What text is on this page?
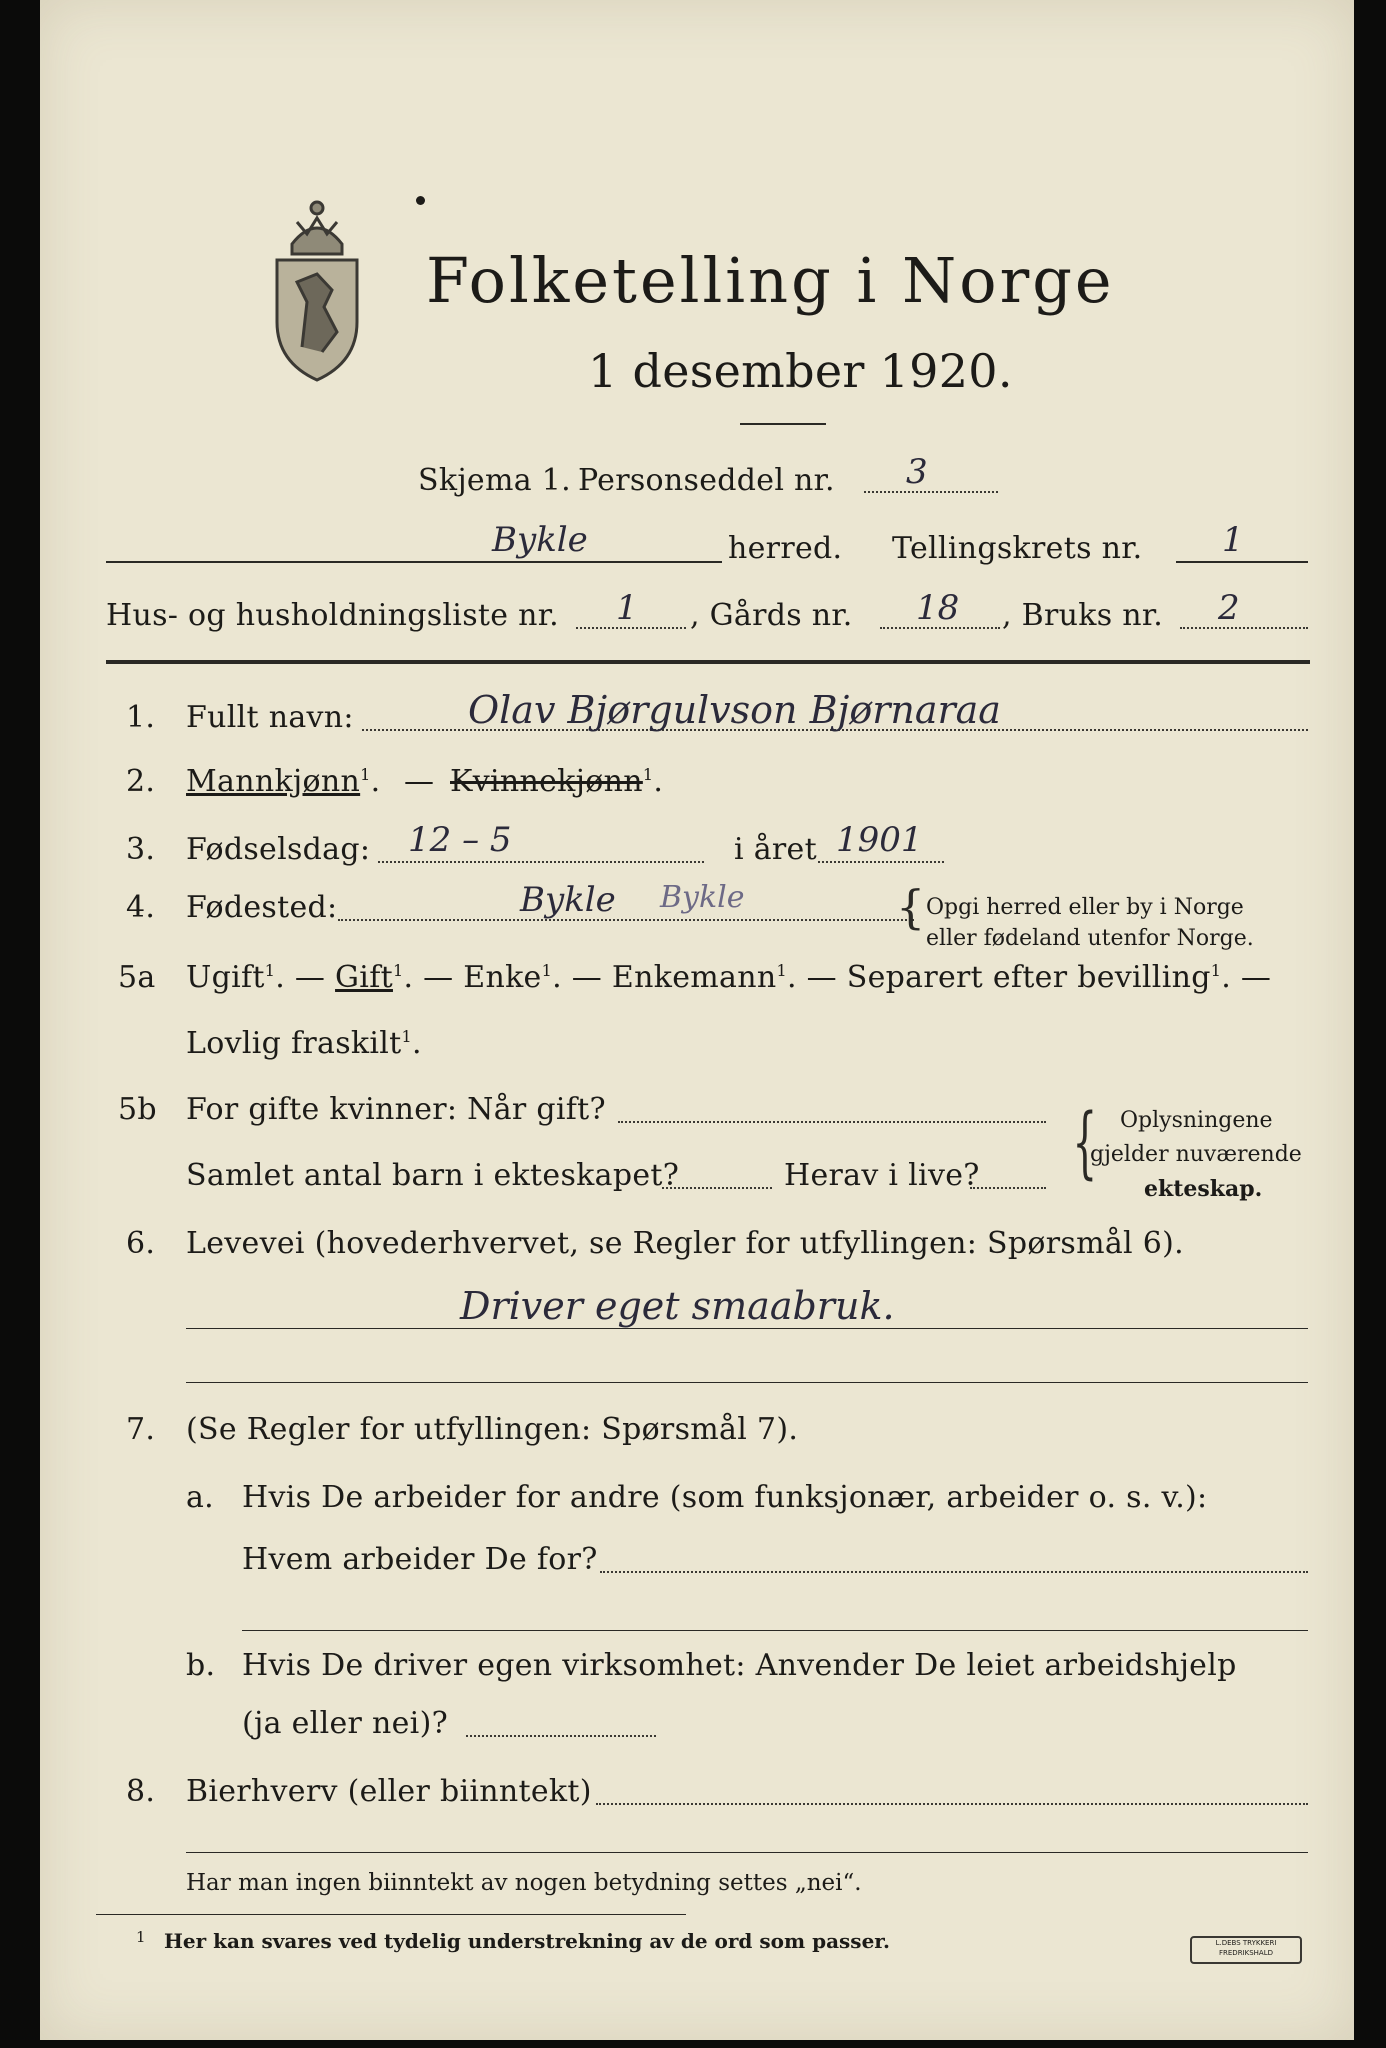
Folketelling i Norge
1 desember 1920.
Skjema 1. Personseddel nr. 3
Bykle	herred. Tellingskrets nr. 1
Hus- og husholdningsliste nr. 1 , Gårds nr. 18 , Bruks nr. 2
1. Fullt navn:	Olav Bjørgulvson Bjørnaraa
2. Mannkjønn$^1$. — Kvinnekjønn$^1$.
3. Fødselsdag: 12 – 5	i året 1901
4. Fødested:	Bykle Bykle	{ Opgi herred eller by i Norge
eller fødeland utenfor Norge.
5a Ugift$^1$. — Gift$^1$. — Enke$^1$. — Enkemann$^1$. — Separert efter bevilling$^1$. —
Lovlig fraskilt$^1$.
5b For gifte kvinner: Når gift?
Samlet antal barn i ekteskapet?	Herav i live? { Oplysningene
gjelder nuværende
ekteskap.
6. Levevei (hovederhvervet, se Regler for utfyllingen: Spørsmål 6).
Driver eget smaabruk.
7. (Se Regler for utfyllingen: Spørsmål 7).
a. Hvis De arbeider for andre (som funksjonær, arbeider o. s. v.):
Hvem arbeider De for?
b. Hvis De driver egen virksomhet: Anvender De leiet arbeidshjelp
(ja eller nei)?
8. Bierhverv (eller biinntekt)
Har man ingen biinntekt av nogen betydning settes „nei“.
1 Her kan svares ved tydelig understrekning av de ord som passer.	L.DEBS TRYKKERI
FREDRIKSHALD
